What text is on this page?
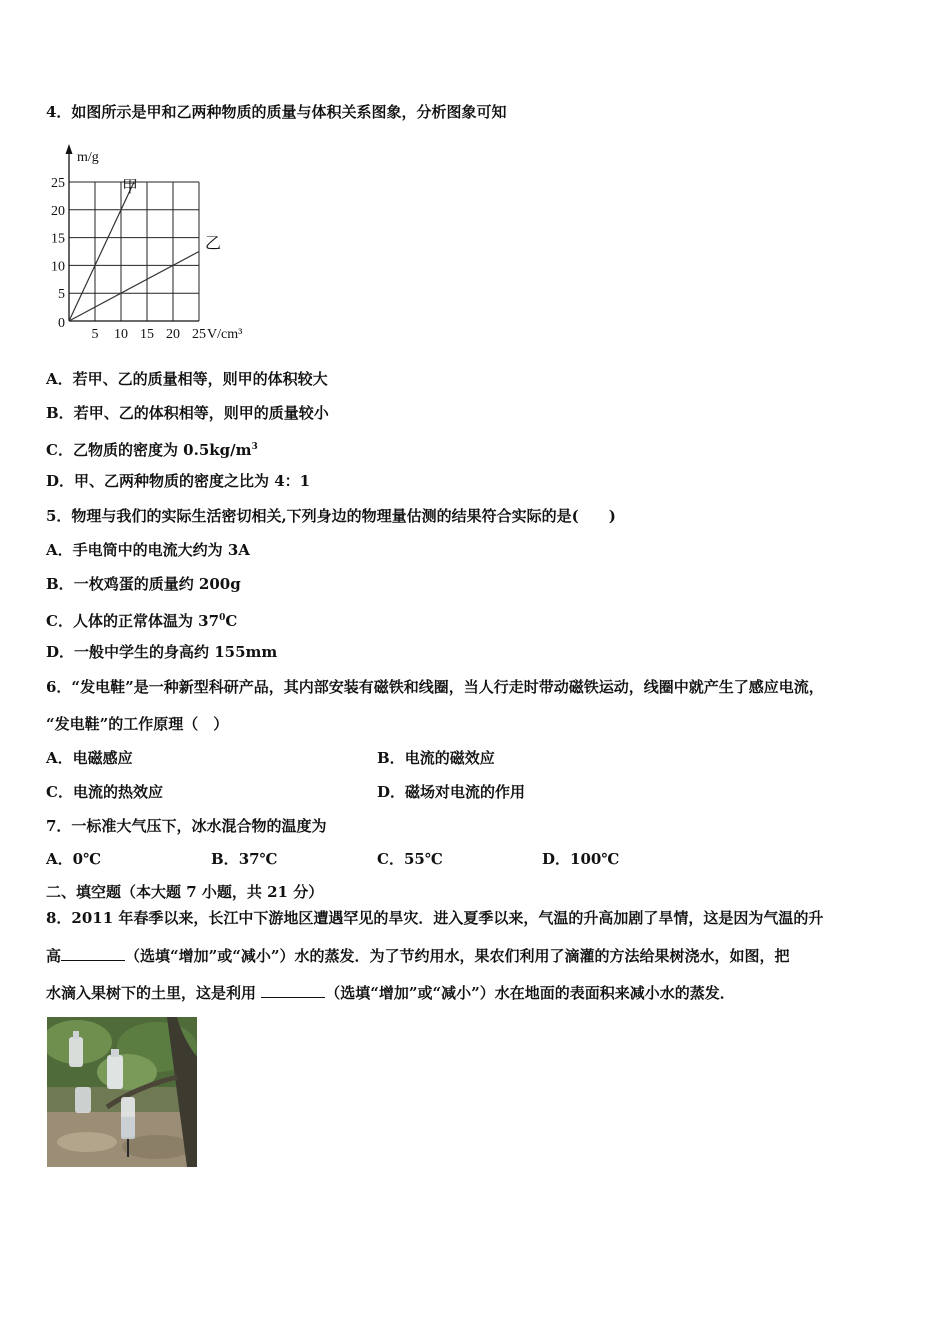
4．如图所示是甲和乙两种物质的质量与体积关系图象，分析图象可知
5 10 15 20 25
5
10
15
20
25
0
m/g
V/cm³
甲
乙
A．若甲、乙的质量相等，则甲的体积较大
B．若甲、乙的体积相等，则甲的质量较小
C．乙物质的密度为 $0.5kg/m^3$
D．甲、乙两种物质的密度之比为 4：1
5．物理与我们的实际生活密切相关,下列身边的物理量估测的结果符合实际的是(　　)
A．手电筒中的电流大约为 3A
B．一枚鸡蛋的质量约 200g
C．人体的正常体温为 $37^0C$
D．一般中学生的身高约 155mm
6．“发电鞋”是一种新型科研产品，其内部安装有磁铁和线圈，当人行走时带动磁铁运动，线圈中就产生了感应电流，
“发电鞋”的工作原理（　）
A．电磁感应	B．电流的磁效应
C．电流的热效应	D．磁场对电流的作用
7．一标准大气压下，冰水混合物的温度为
A．0℃	B．37℃	C．55℃	D．100℃
二、填空题（本大题 7 小题，共 21 分）
8．2011 年春季以来，长江中下游地区遭遇罕见的旱灾．进入夏季以来，气温的升高加剧了旱情，这是因为气温的升
高	（选填“增加”或“减小”）水的蒸发．为了节约用水，果农们利用了滴灌的方法给果树浇水，如图，把
水滴入果树下的土里，这是利用	（选填“增加”或“减小”）水在地面的表面积来减小水的蒸发．
